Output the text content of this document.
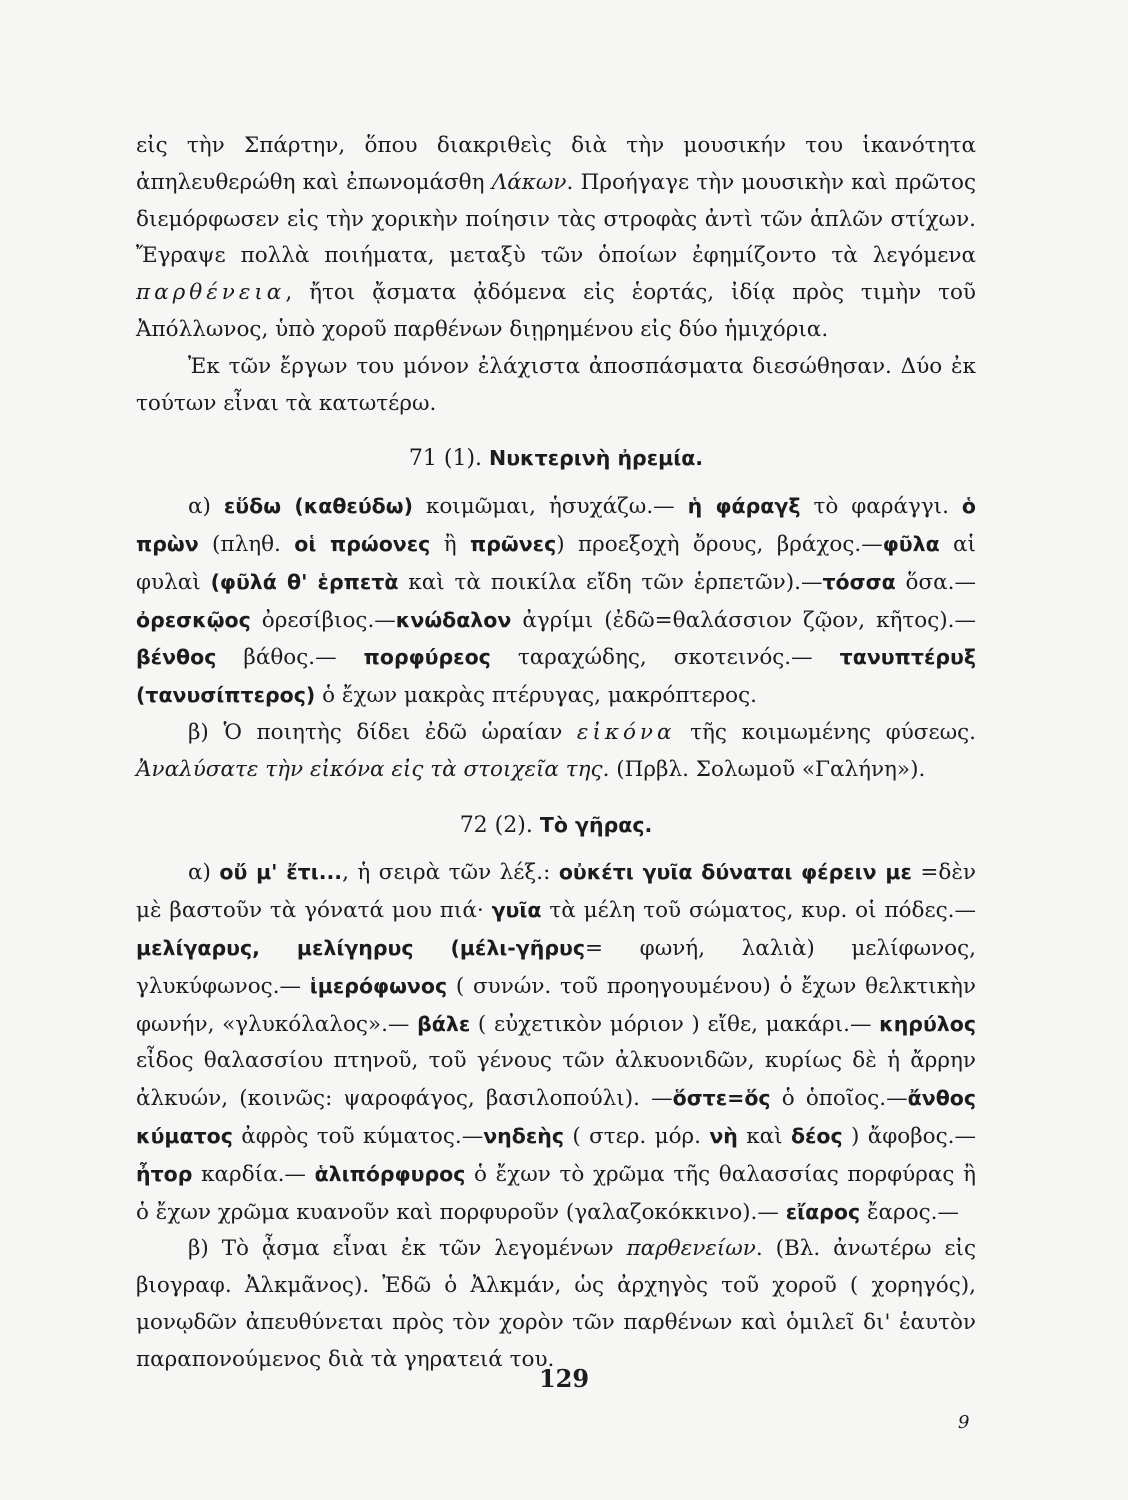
εἰς τὴν Σπάρτην, ὅπου διακριθεὶς διὰ τὴν μουσικήν του ἱκανότητα ἀπηλευθερώθη καὶ ἐπωνομάσθη Λάκων. Προήγαγε τὴν μουσικὴν καὶ πρῶτος διεμόρφωσεν εἰς τὴν χορικὴν ποίησιν τὰς στροφὰς ἀντὶ τῶν ἁπλῶν στίχων. Ἔγραψε πολλὰ ποιήματα, μεταξὺ τῶν ὁποίων ἐφημίζοντο τὰ λεγόμενα παρθένεια, ἤτοι ᾄσματα ᾀδόμενα εἰς ἑορτάς, ἰδίᾳ πρὸς τιμὴν τοῦ Ἀπόλλωνος, ὑπὸ χοροῦ παρθένων διῃρημένου εἰς δύο ἡμιχόρια.

Ἐκ τῶν ἔργων του μόνον ἐλάχιστα ἀποσπάσματα διεσώθησαν. Δύο ἐκ τούτων εἶναι τὰ κατωτέρω.

71 (1). Νυκτερινὴ ἠρεμία.

α) εὕδω (καθεύδω) κοιμῶμαι, ἡσυχάζω.— ἡ φάραγξ τὸ φαράγγι. ὁ πρὼν (πληθ. οἱ πρώονες ἢ πρῶνες) προεξοχὴ ὄρους, βράχος.—φῦλα αἱ φυλαὶ (φῦλά θ' ἑρπετὰ καὶ τὰ ποικίλα εἴδη τῶν ἑρπετῶν).—τόσσα ὅσα.—ὀρεσκῷος ὀρεσίβιος.—κνώδαλον ἀγρίμι (ἐδῶ=θαλάσσιον ζῷον, κῆτος).— βένθος βάθος.— πορφύρεος ταραχώδης, σκοτεινός.— τανυπτέρυξ (τανυσίπτερος) ὁ ἔχων μακρὰς πτέρυγας, μακρόπτερος.

β) Ὁ ποιητὴς δίδει ἐδῶ ὡραίαν εἰκόνα τῆς κοιμωμένης φύσεως. Ἀναλύσατε τὴν εἰκόνα εἰς τὰ στοιχεῖα της. (Πρβλ. Σολωμοῦ «Γαλήνη»).

72 (2). Τὸ γῆρας.

α) οὔ μ' ἔτι..., ἡ σειρὰ τῶν λέξ.: οὐκέτι γυῖα δύναται φέρειν με =δὲν μὲ βαστοῦν τὰ γόνατά μου πιά· γυῖα τὰ μέλη τοῦ σώματος, κυρ. οἱ πόδες.— μελίγαρυς, μελίγηρυς (μέλι-γῆρυς= φωνή, λαλιὰ) μελίφωνος, γλυκύφωνος.— ἱμερόφωνος ( συνών. τοῦ προηγουμένου) ὁ ἔχων θελκτικὴν φωνήν, «γλυκόλαλος».— βάλε ( εὐχετικὸν μόριον ) εἴθε, μακάρι.— κηρύλος εἶδος θαλασσίου πτηνοῦ, τοῦ γένους τῶν ἀλκυονιδῶν, κυρίως δὲ ἡ ἄρρην ἀλκυών, (κοινῶς: ψαροφάγος, βασιλοπούλι). —ὅστε=ὅς ὁ ὁποῖος.—ἄνθος κύματος ἀφρὸς τοῦ κύματος.—νηδεὴς ( στερ. μόρ. νὴ καὶ δέος ) ἄφοβος.—ἦτορ καρδία.— ἁλιπόρφυρος ὁ ἔχων τὸ χρῶμα τῆς θαλασσίας πορφύρας ἢ ὁ ἔχων χρῶμα κυανοῦν καὶ πορφυροῦν (γαλαζοκόκκινο).— εἴαρος ἔαρος.—

β) Τὸ ᾆσμα εἶναι ἐκ τῶν λεγομένων παρθενείων. (Βλ. ἀνωτέρω εἰς βιογραφ. Ἀλκμᾶνος). Ἐδῶ ὁ Ἀλκμάν, ὡς ἀρχηγὸς τοῦ χοροῦ ( χορηγός), μονῳδῶν ἀπευθύνεται πρὸς τὸν χορὸν τῶν παρθένων καὶ ὁμιλεῖ δι' ἑαυτὸν παραπονούμενος διὰ τὰ γηρατειά του.

129
9
